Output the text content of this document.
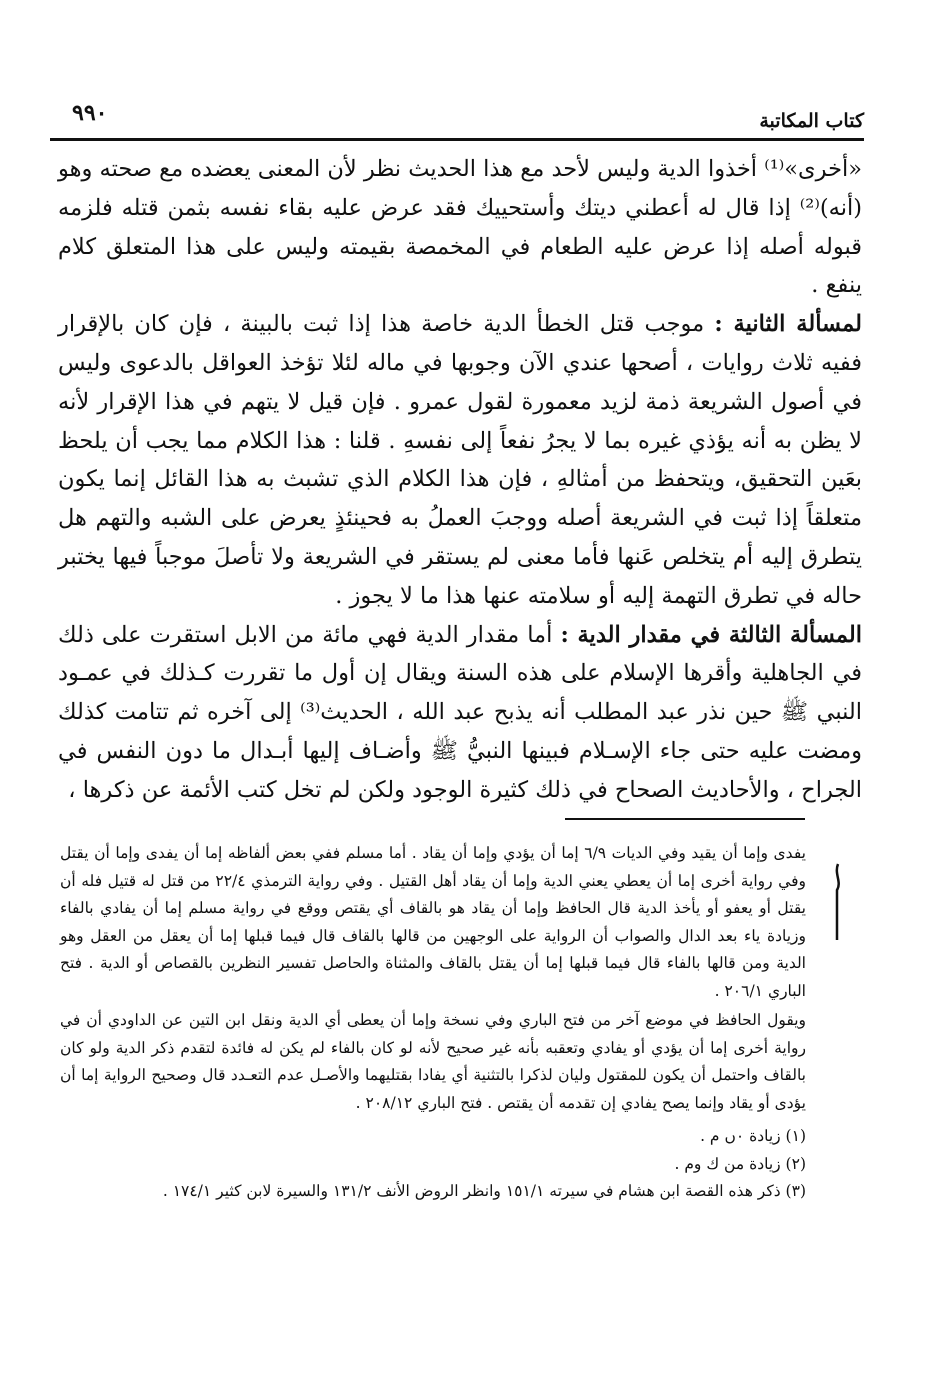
٩٩٠	كتاب المكاتبة

«أخرى»⁽¹⁾ أخذوا الدية وليس لأحد مع هذا الحديث نظر لأن المعنى يعضده مع صحته وهو (أنه)⁽²⁾ إذا قال له أعطني ديتك وأستحييك فقد عرض عليه بقاء نفسه بثمن قتله فلزمه قبوله أصله إذا عرض عليه الطعام في المخمصة بقيمته وليس على هذا المتعلق كلام ينفع .

لمسألة الثانية : موجب قتل الخطأ الدية خاصة هذا إذا ثبت بالبينة ، فإن كان بالإقرار ففيه ثلاث روايات ، أصحها عندي الآن وجوبها في ماله لئلا تؤخذ العواقل بالدعوى وليس في أصول الشريعة ذمة لزيد معمورة لقول عمرو . فإن قيل لا يتهم في هذا الإقرار لأنه لا يظن به أنه يؤذي غيره بما لا يجرُ نفعاً إلى نفسهِ . قلنا : هذا الكلام مما يجب أن يلحظ بعَين التحقيق، ويتحفظ من أمثالهِ ، فإن هذا الكلام الذي تشبث به هذا القائل إنما يكون متعلقاً إذا ثبت في الشريعة أصله ووجبَ العملُ به فحينئذٍ يعرض على الشبه والتهم هل يتطرق إليه أم يتخلص عَنها فأما معنى لم يستقر في الشريعة ولا تأصلَ موجباً فيها يختبر حاله في تطرق التهمة إليه أو سلامته عنها هذا ما لا يجوز .

المسألة الثالثة في مقدار الدية : أما مقدار الدية فهي مائة من الابل استقرت على ذلك في الجاهلية وأقرها الإسلام على هذه السنة ويقال إن أول ما تقررت كـذلك في عمـود النبي ﷺ حين نذر عبد المطلب أنه يذبح عبد الله ، الحديث⁽³⁾ إلى آخره ثم تتامت كذلك ومضت عليه حتى جاء الإسـلام فبينها النبيُّ ﷺ وأضـاف إليها أبـدال ما دون النفس في الجراح ، والأحاديث الصحاح في ذلك كثيرة الوجود ولكن لم تخل كتب الأئمة عن ذكرها ،

يفدى وإما أن يقيد وفي الديات ٦/٩ إما أن يؤدي وإما أن يقاد . أما مسلم ففي بعض ألفاظه إما أن يفدى وإما أن يقتل وفي رواية أخرى إما أن يعطي يعني الدية وإما أن يقاد أهل القتيل . وفي رواية الترمذي ٢٢/٤ من قتل له قتيل فله أن يقتل أو يعفو أو يأخذ الدية قال الحافظ وإما أن يقاد هو بالقاف أي يقتص ووقع في رواية مسلم إما أن يفادي بالفاء وزيادة ياء بعد الدال والصواب أن الرواية على الوجهين من قالها بالقاف قال فيما قبلها إما أن يعقل من العقل وهو الدية ومن قالها بالفاء قال فيما قبلها إما أن يقتل بالقاف والمثناة والحاصل تفسير النظرين بالقصاص أو الدية . فتح الباري ٢٠٦/١ .

ويقول الحافظ في موضع آخر من فتح الباري وفي نسخة وإما أن يعطى أي الدية ونقل ابن التين عن الداودي أن في رواية أخرى إما أن يؤدي أو يفادي وتعقبه بأنه غير صحيح لأنه لو كان بالفاء لم يكن له فائدة لتقدم ذكر الدية ولو كان بالقاف واحتمل أن يكون للمقتول وليان لذكرا بالتثنية أي يفادا بقتليهما والأصـل عدم التعـدد قال وصحيح الرواية إما أن يؤدى أو يقاد وإنما يصح يفادي إن تقدمه أن يقتص . فتح الباري ٢٠٨/١٢ .

(١) زيادة ٠ں م .

(٢) زيادة من ك وم .

(٣) ذكر هذه القصة ابن هشام في سيرته ١٥١/١ وانظر الروض الأنف ١٣١/٢ والسيرة لابن كثير ١٧٤/١ .
